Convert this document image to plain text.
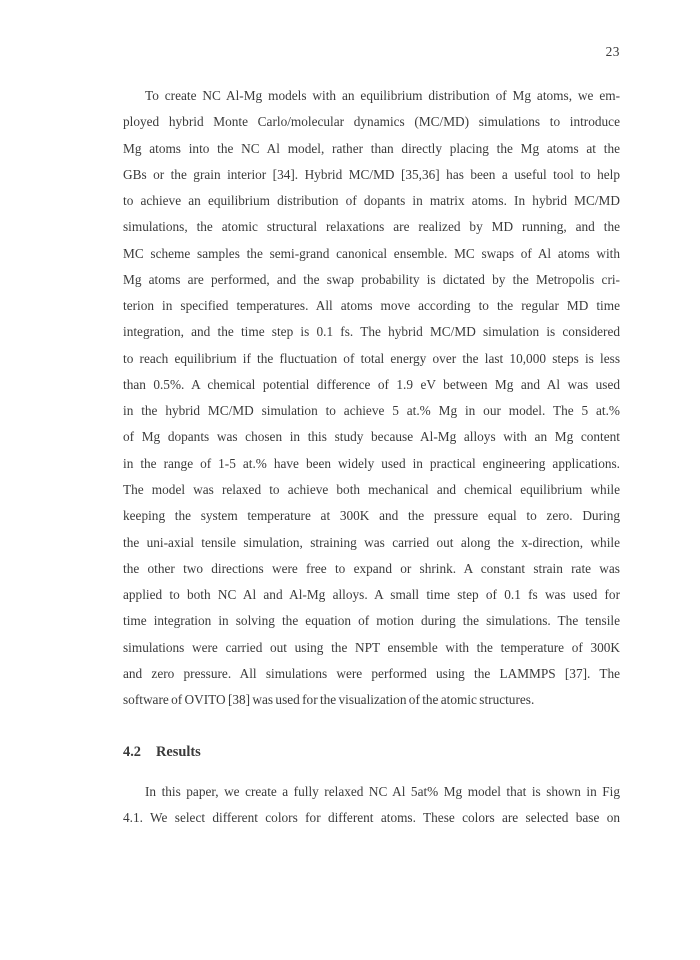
23
To create NC Al-Mg models with an equilibrium distribution of Mg atoms, we em-
ployed hybrid Monte Carlo/molecular dynamics (MC/MD) simulations to introduce
Mg atoms into the NC Al model, rather than directly placing the Mg atoms at the
GBs or the grain interior [34]. Hybrid MC/MD [35,36] has been a useful tool to help
to achieve an equilibrium distribution of dopants in matrix atoms. In hybrid MC/MD
simulations, the atomic structural relaxations are realized by MD running, and the
MC scheme samples the semi-grand canonical ensemble. MC swaps of Al atoms with
Mg atoms are performed, and the swap probability is dictated by the Metropolis cri-
terion in specified temperatures. All atoms move according to the regular MD time
integration, and the time step is 0.1 fs. The hybrid MC/MD simulation is considered
to reach equilibrium if the fluctuation of total energy over the last 10,000 steps is less
than 0.5%. A chemical potential difference of 1.9 eV between Mg and Al was used
in the hybrid MC/MD simulation to achieve 5 at.% Mg in our model. The 5 at.%
of Mg dopants was chosen in this study because Al-Mg alloys with an Mg content
in the range of 1-5 at.% have been widely used in practical engineering applications.
The model was relaxed to achieve both mechanical and chemical equilibrium while
keeping the system temperature at 300K and the pressure equal to zero. During
the uni-axial tensile simulation, straining was carried out along the x-direction, while
the other two directions were free to expand or shrink. A constant strain rate was
applied to both NC Al and Al-Mg alloys. A small time step of 0.1 fs was used for
time integration in solving the equation of motion during the simulations. The tensile
simulations were carried out using the NPT ensemble with the temperature of 300K
and zero pressure. All simulations were performed using the LAMMPS [37]. The
software of OVITO [38] was used for the visualization of the atomic structures.
4.2 Results
In this paper, we create a fully relaxed NC Al 5at% Mg model that is shown in Fig
4.1. We select different colors for different atoms. These colors are selected base on
